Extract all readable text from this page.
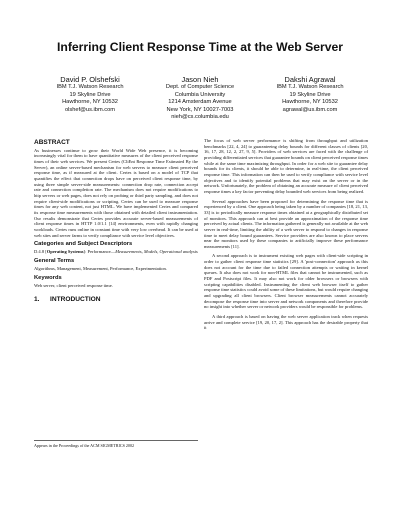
Inferring Client Response Time at the Web Server
David P. Olshefski
IBM T.J. Watson Research
19 Skyline Drive
Hawthorne, NY 10532
olshef@us.ibm.com
Jason Nieh
Dept. of Computer Science
Columbia University
1214 Amsterdam Avenue
New York, NY 10027-7003
nieh@cs.columbia.edu
Dakshi Agrawal
IBM T.J. Watson Research
19 Skyline Drive
Hawthorne, NY 10532
agrawal@us.ibm.com
ABSTRACT

As businesses continue to grow their World Wide Web presence, it is becoming increasingly vital for them to have quantitative measures of the client perceived response times of their web services. We present Certes (CliEnt Response Time Estimated By the Server), an online server-based mechanism for web servers to measure client perceived response time, as if measured at the client. Certes is based on a model of TCP that quantifies the effect that connection drops have on perceived client response time, by using three simple server-side measurements: connection drop rate, connection accept rate and connection completion rate. The mechanism does not require modifications to http servers or web pages, does not rely on probing or third party sampling, and does not require client-side modifications or scripting. Certes can be used to measure response times for any web content, not just HTML. We have implemented Certes and compared its response time measurements with those obtained with detailed client instrumentation. Our results demonstrate that Certes provides accurate server-based measurements of client response times in HTTP 1.0/1.1 [14] environments, even with rapidly changing workloads. Certes runs online in constant time with very low overhead. It can be used at web sites and server farms to verify compliance with service level objectives.

Categories and Subject Descriptors

D.4.8 [Operating Systems]: Performance—Measurements, Models, Operational analysis

General Terms

Algorithms, Management, Measurement, Performance, Experimentation.

Keywords

Web server, client perceived response time.

1. INTRODUCTION

The focus of web server performance is shifting from throughput and utilization benchmarks [22, 4, 24] to guaranteeing delay bounds for different classes of clients [20, 16, 17, 28, 12, 2, 27, 9, 5]. Providers of web services are faced with the challenge of providing differentiated services that guarantee bounds on client perceived response times while at the same time maximizing throughput. In order for a web site to guarantee delay bounds for its clients, it should be able to determine, in real-time, the client perceived response time. This information can then be used to verify compliance with service level objectives and to identify potential problems that may exist on the server or in the network. Unfortunately, the problem of obtaining an accurate measure of client perceived response times a key factor preventing delay bounded web services from being realized.

Several approaches have been proposed for determining the response time that is experienced by a client. One approach being taken by a number of companies [18, 21, 13, 33] is to periodically measure response times obtained at a geographically distributed set of monitors. This approach can at best provide an approximation of the response time perceived by actual clients. The information gathered is generally not available at the web server in real-time, limiting the ability of a web server to respond to changes in response time to meet delay bound guarantees. Service providers are also known to place servers near the monitors used by these companies to artificially improve these performance measurements [11].

A second approach is to instrument existing web pages with client-side scripting in order to gather client response time statistics [29]. A 'post-connection' approach as this does not account for the time due to failed connection attempts or waiting in kernel queues. It also does not work for non-HTML files that cannot be instrumented, such as PDF and Postscript files. It may also not work for older browsers or browsers with scripting capabilities disabled. Instrumenting the client web browser itself to gather response time statistics could avoid some of these limitations, but would require changing and upgrading all client browsers. Client browser measurements cannot accurately decompose the response time into server and network components and therefore provide no insight into whether server or network providers would be responsible for problems.

A third approach is based on having the web server application track when requests arrive and complete service [19, 20, 17, 2]. This approach has the desirable property that it

Appears in the Proceedings of the ACM SIGMETRICS 2002
